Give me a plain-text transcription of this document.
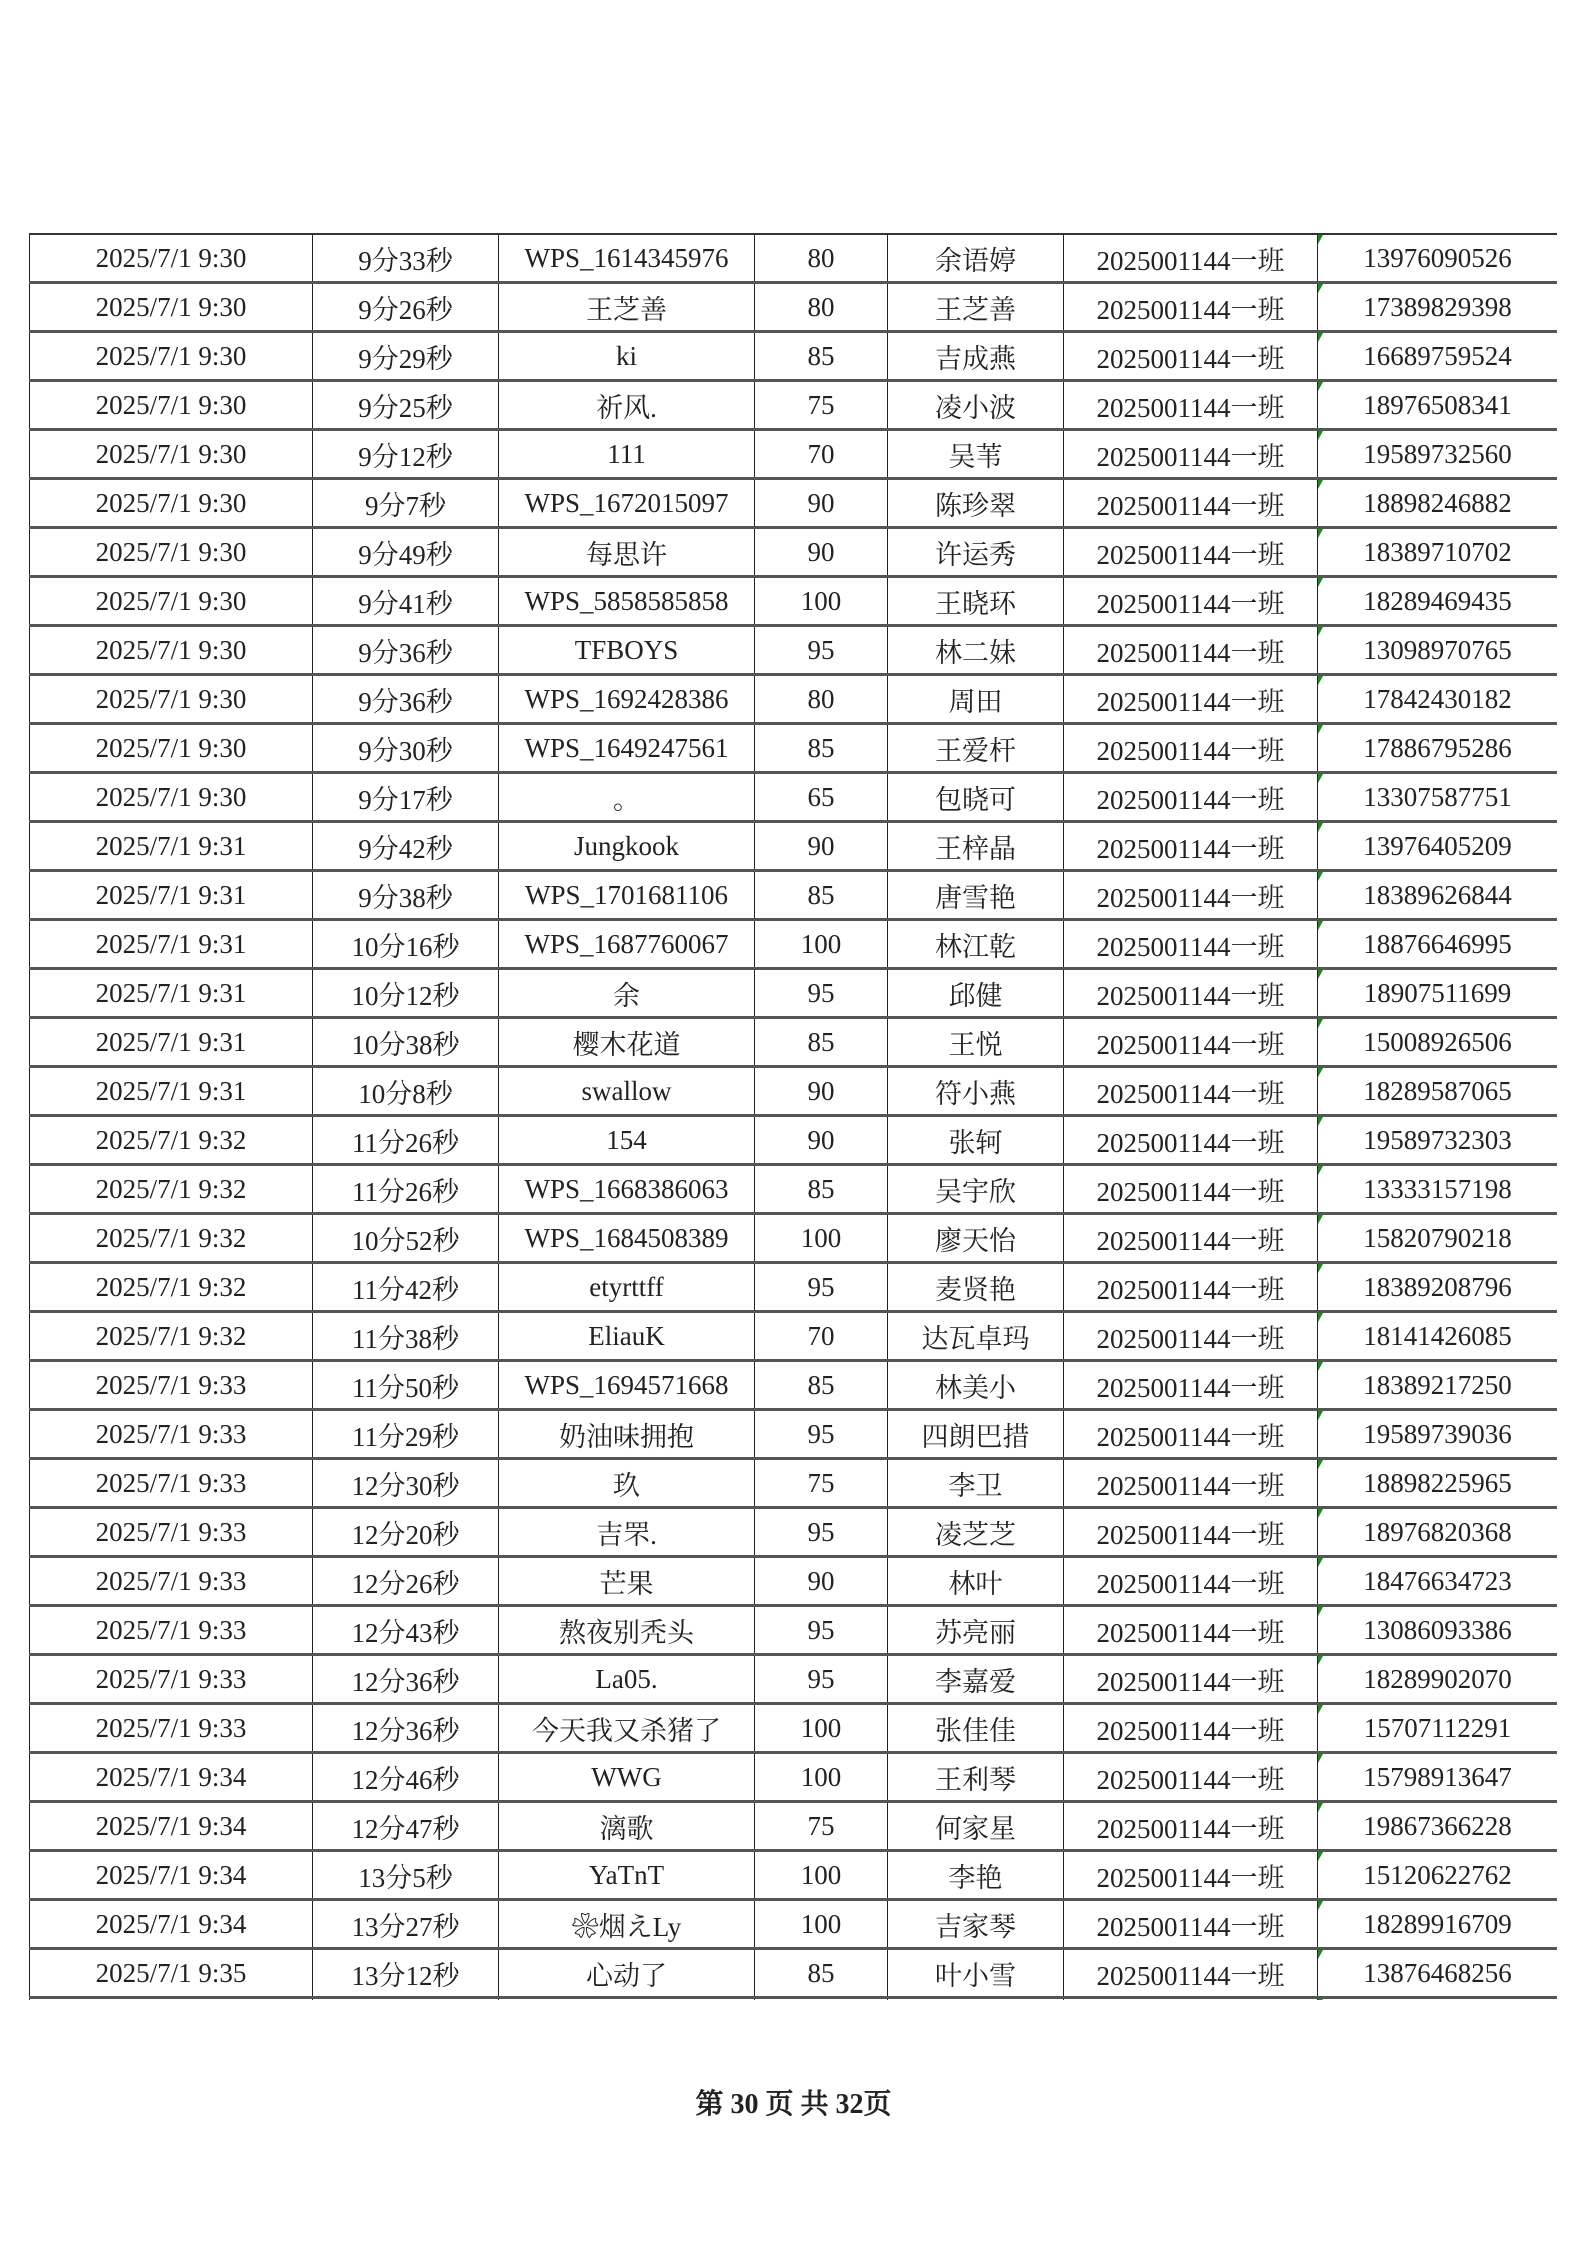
2025/7/1 9:30	9分33秒	WPS_1614345976	80	余语婷	2025001144一班	13976090526
2025/7/1 9:30	9分26秒	王芝善	80	王芝善	2025001144一班	17389829398
2025/7/1 9:30	9分29秒	ki	85	吉成燕	2025001144一班	16689759524
2025/7/1 9:30	9分25秒	祈风.	75	凌小波	2025001144一班	18976508341
2025/7/1 9:30	9分12秒	111	70	吴苇	2025001144一班	19589732560
2025/7/1 9:30	9分7秒	WPS_1672015097	90	陈珍翠	2025001144一班	18898246882
2025/7/1 9:30	9分49秒	每思许	90	许运秀	2025001144一班	18389710702
2025/7/1 9:30	9分41秒	WPS_5858585858	100	王晓环	2025001144一班	18289469435
2025/7/1 9:30	9分36秒	TFBOYS	95	林二妹	2025001144一班	13098970765
2025/7/1 9:30	9分36秒	WPS_1692428386	80	周田	2025001144一班	17842430182
2025/7/1 9:30	9分30秒	WPS_1649247561	85	王爱杆	2025001144一班	17886795286
2025/7/1 9:30	9分17秒	。	65	包晓可	2025001144一班	13307587751
2025/7/1 9:31	9分42秒	Jungkook	90	王梓晶	2025001144一班	13976405209
2025/7/1 9:31	9分38秒	WPS_1701681106	85	唐雪艳	2025001144一班	18389626844
2025/7/1 9:31	10分16秒	WPS_1687760067	100	林江乾	2025001144一班	18876646995
2025/7/1 9:31	10分12秒	余	95	邱健	2025001144一班	18907511699
2025/7/1 9:31	10分38秒	樱木花道	85	王悦	2025001144一班	15008926506
2025/7/1 9:31	10分8秒	swallow	90	符小燕	2025001144一班	18289587065
2025/7/1 9:32	11分26秒	154	90	张轲	2025001144一班	19589732303
2025/7/1 9:32	11分26秒	WPS_1668386063	85	吴宇欣	2025001144一班	13333157198
2025/7/1 9:32	10分52秒	WPS_1684508389	100	廖天怡	2025001144一班	15820790218
2025/7/1 9:32	11分42秒	etyrttff	95	麦贤艳	2025001144一班	18389208796
2025/7/1 9:32	11分38秒	EliauK	70	达瓦卓玛	2025001144一班	18141426085
2025/7/1 9:33	11分50秒	WPS_1694571668	85	林美小	2025001144一班	18389217250
2025/7/1 9:33	11分29秒	奶油味拥抱	95	四朗巴措	2025001144一班	19589739036
2025/7/1 9:33	12分30秒	玖	75	李卫	2025001144一班	18898225965
2025/7/1 9:33	12分20秒	吉罘.	95	凌芝芝	2025001144一班	18976820368
2025/7/1 9:33	12分26秒	芒果	90	林叶	2025001144一班	18476634723
2025/7/1 9:33	12分43秒	熬夜别秃头	95	苏亮丽	2025001144一班	13086093386
2025/7/1 9:33	12分36秒	La05.	95	李嘉爱	2025001144一班	18289902070
2025/7/1 9:33	12分36秒	今天我又杀猪了	100	张佳佳	2025001144一班	15707112291
2025/7/1 9:34	12分46秒	WWG	100	王利琴	2025001144一班	15798913647
2025/7/1 9:34	12分47秒	漓歌	75	何家星	2025001144一班	19867366228
2025/7/1 9:34	13分5秒	YaTnT	100	李艳	2025001144一班	15120622762
2025/7/1 9:34	13分27秒	❀烟えLy	100	吉家琴	2025001144一班	18289916709
2025/7/1 9:35	13分12秒	心动了	85	叶小雪	2025001144一班	13876468256

第 30 页 共 32页
